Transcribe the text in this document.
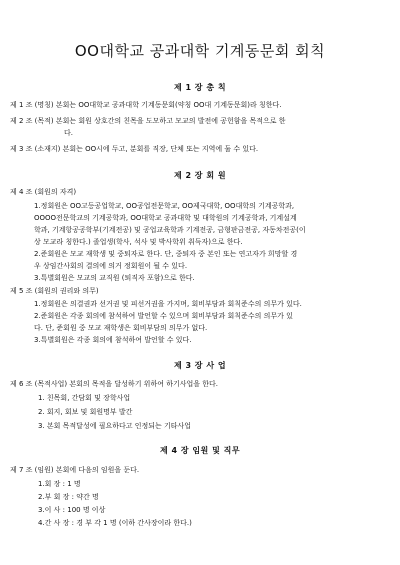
OO대학교 공과대학 기계동문회 회칙
제 1 장 총 칙
제 1 조 (명칭) 본회는 OO대학교 공과대학 기계동문회(약칭 OO대 기계동문회)라 칭한다.
제 2 조 (목적) 본회는 회원 상호간의 친목을 도모하고 모교의 발전에 공헌함을 목적으로 한
다.
제 3 조 (소재지) 본회는 OO시에 두고, 분회를 직장, 단체 또는 지역에 둘 수 있다.
제 2 장 회 원
제 4 조 (회원의 자격)
1.정회원은 OO고등공업학교, OO공업전문학교, OO제국대학, OO대학의 기계공학과,
OOOO전문학교의 기계공학과, OO대학교 공과대학 및 대학원의 기계공학과, 기계설계
학과, 기계항공공학부(기계전공) 및 공업교육학과 기계전공, 금형판금전공, 자동차전공(이
상 모교라 칭한다.) 졸업생(학사, 석사 및 박사학위 취득자)으로 한다.
2.준회원은 모교 재학생 및 중퇴자로 한다. 단, 중퇴자 중 본인 또는 연고자가 희망할 경
우 상임간사회의 결의에 의거 정회원이 될 수 있다.
3.특별회원은 모교의 교직원 (퇴직자 포함)으로 한다.
제 5 조 (회원의 권리와 의무)
1.정회원은 의결권과 선거권 및 피선거권을 가지며, 회비부담과 회칙준수의 의무가 있다.
2.준회원은 각종 회의에 참석하여 발언할 수 있으며 회비부담과 회칙준수의 의무가 있
다. 단, 준회원 중 모교 재학생은 회비부담의 의무가 없다.
3.특별회원은 각종 회의에 참석하여 발언할 수 있다.
제 3 장 사 업
제 6 조 (목적사업) 본회의 목적을 달성하기 위하여 하기사업을 한다.
1. 친목회, 간담회 및 장학사업
2. 회지, 회보 및 회원명부 발간
3. 본회 목적달성에 필요하다고 인정되는 기타사업
제 4 장 임원 및 직무
제 7 조 (임원) 본회에 다음의 임원을 둔다.
1.회 장 : 1 명
2.부 회 장 : 약간 명
3.이 사 : 100 명 이상
4.간 사 장 : 경 부 각 1 명 (이하 간사장이라 한다.)
